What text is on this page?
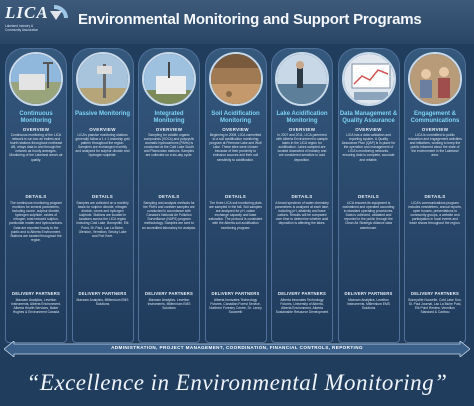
LICA
Lakeland Industry &
Community Association
Environmental Monitoring and Support Programs
Continuous Monitoring
OVERVIEW
Continuous monitoring of the LICA network is run two air trailers and fourth stations throughout northeast AB, relays data to and through the network as hourly averages. Monitoring of the Lakeland area's air quality.
DETAILS
The continuous monitoring program monitors for several parameters, including ozone, sulphur dioxide, hydrogen sulphide, oxides of nitrogen, total reduced sulphur, particulate matter and hydrocarbons. Data are reported hourly to the public and to Alberta Environment. Stations are located throughout the region.
DELIVERY PARTNERS
Maxxam Analytics, Levelton Instruments, Alberta Environment, Alberta Health Services, Baker Hughes & Environment Canada
Passive Monitoring
OVERVIEW
LICA's passive monitoring stations generally follow a 1 x 1 township grid pattern throughout the region. Samplers are exchanged monthly and analyzed for sulphur dioxide and hydrogen sulphide.
DETAILS
Samples are collected on a monthly basis for sulphur dioxide, nitrogen dioxide, ozone and hydrogen sulphide. Stations are located in locations across the LICA region including Cold Lake, Bonnyville, Elk Point, St. Paul, Lac La Biche, Glendon, Vermilion, Smoky Lake and Fort Kent.
DELIVERY PARTNERS
Maxxam Analytics, Millennium EMS Solutions
Integrated Monitoring
OVERVIEW
Sampling for volatile organic compounds (VOCs) and polycyclic aromatic hydrocarbons (PAHs) is conducted at the Cold Lake South and Plamondon stations. Samples are collected on a six-day cycle.
DETAILS
Sampling and analysis methods for the PAHs and canister samples are conducted in accordance with Canada's National Air Pollution Surveillance (NAPS) program methodology. Samples are sent to an accredited laboratory for analysis.
DELIVERY PARTNERS
Maxxam Analytics, Levelton Instruments, Millennium EMS Solutions
Soil Acidification Monitoring
OVERVIEW
Beginning in 2008, LICA committed to a soil acidification monitoring program at Primrose Lake and Wolf Lake. These sites were chosen because of their proximity to emission sources and their soil sensitivity to acidification.
DETAILS
The three LICA soil monitoring plots are sampled in the fall. Soil samples are analyzed for pH, cation exchange capacity and base saturation. The protocol is consistent with the Alberta soil acidification monitoring program.
DELIVERY PARTNERS
Alberta Innovates Technology Futures, Canadian Forest Service, Northern Forestry Centre, Dr. Lenny Scowreth
Lake Acidification Monitoring
OVERVIEW
In 2007 and 2011, LICA partnered with Alberta Environment to sample lakes in the LICA region for acidification. Lakes sampled are located downwind of industry and are considered sensitive to acid deposition.
DETAILS
A broad spectrum of water chemistry parameters is analyzed at each lake, including pH, alkalinity and base cations. Results will be compared over time to determine whether acid deposition is affecting the lakes.
DELIVERY PARTNERS
Alberta Innovates Technology Futures, University of Alberta, Alberta Environment, Alberta Sustainable Resource Development
Data Management & Quality Assurance
OVERVIEW
LICA has a data validation and reporting system. A Quality Assurance Plan (QAP) is in place for the operation and management of LICA's monitoring networks, ensuring data is complete, accurate and reliable.
DETAILS
LICA ensures its equipment is maintained and operated according to standard operating procedures. Data is collected, validated and reported to the public through the Clean Air Strategic Alliance data warehouse.
DELIVERY PARTNERS
Maxxam Analytics, Levelton Instruments, Millennium EMS Solutions
Engagement & Communications
OVERVIEW
LICA is committed to public education and engagement activities and initiatives, working to keep the public informed about the state of the environment in the Lakeland area.
DETAILS
LICA's communications program includes newsletters, annual reports, open houses, presentations to community groups, a website and participation in local events and trade shows throughout the region.
DELIVERY PARTNERS
Bonnyville Nouvelle, Cold Lake Sun, St. Paul Journal, Lac La Biche Post, Elk Point Review, Vermilion Standard & Caribou
ADMINISTRATION, PROJECT MANAGEMENT, COORDINATION, FINANCIAL CONTROLS, REPORTING
“Excellence in Environmental Monitoring”
